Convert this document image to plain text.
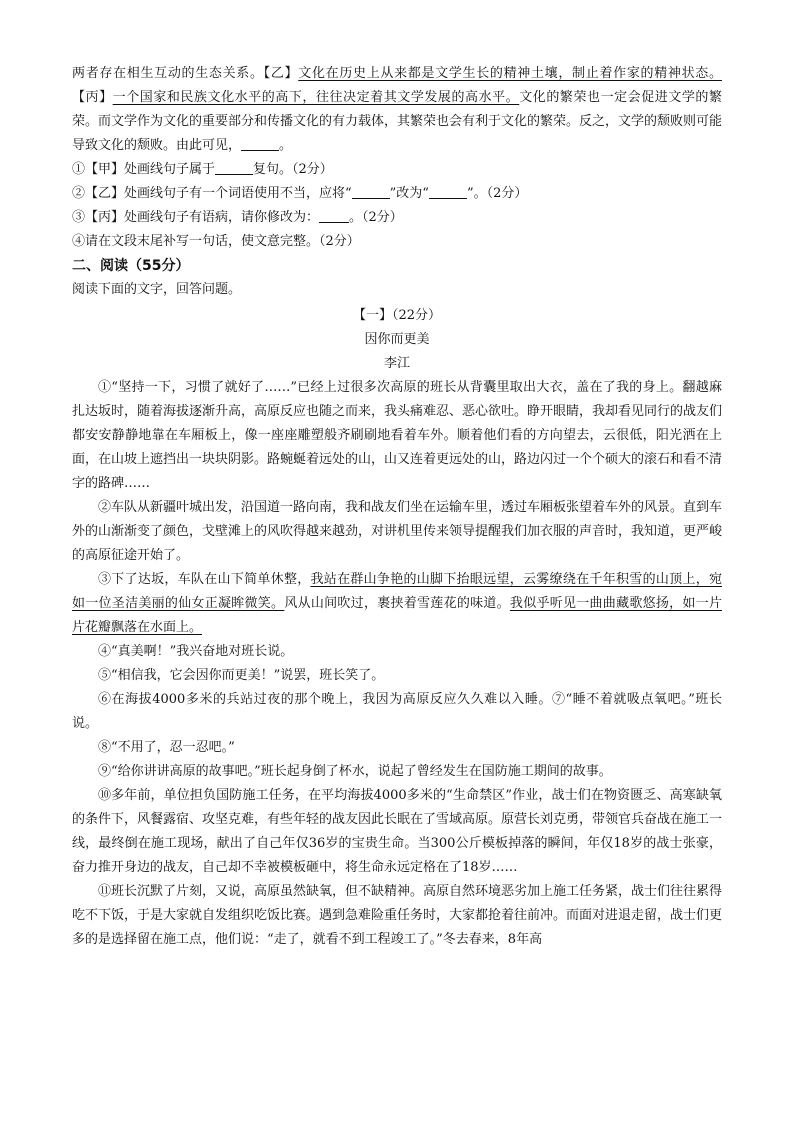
两者存在相生互动的生态关系。【乙】文化在历史上从来都是文学生长的精神土壤，制止着作家的精神状态。【丙】一个国家和民族文化水平的高下，往往决定着其文学发展的高水平。文化的繁荣也一定会促进文学的繁荣。而文学作为文化的重要部分和传播文化的有力载体，其繁荣也会有利于文化的繁荣。反之，文学的颓败则可能导致文化的颓败。由此可见，	。

①【甲】处画线句子属于	复句。（2分）

②【乙】处画线句子有一个词语使用不当，应将“	”改为“	”。（2分）

③【丙】处画线句子有语病，请你修改为： 。（2分）

④请在文段末尾补写一句话，使文意完整。（2分）

二、阅读（55分）

阅读下面的文字，回答问题。

【一】（22分）

因你而更美

李江

①“坚持一下，习惯了就好了……”已经上过很多次高原的班长从背囊里取出大衣，盖在了我的身上。翻越麻扎达坂时，随着海拔逐渐升高，高原反应也随之而来，我头痛难忍、恶心欲吐。睁开眼睛，我却看见同行的战友们都安安静静地靠在车厢板上，像一座座雕塑般齐刷刷地看着车外。顺着他们看的方向望去，云很低，阳光洒在上面，在山坡上遮挡出一块块阴影。路蜿蜒着远处的山，山又连着更远处的山，路边闪过一个个硕大的滚石和看不清字的路碑……

②车队从新疆叶城出发，沿国道一路向南，我和战友们坐在运输车里，透过车厢板张望着车外的风景。直到车外的山渐渐变了颜色，戈壁滩上的风吹得越来越劲，对讲机里传来领导提醒我们加衣服的声音时，我知道，更严峻的高原征途开始了。

③下了达坂，车队在山下简单休整，我站在群山争艳的山脚下抬眼远望，云雾缭绕在千年积雪的山顶上，宛如一位圣洁美丽的仙女正凝眸微笑。风从山间吹过，裹挟着雪莲花的味道。我似乎听见一曲曲藏歌悠扬，如一片片花瓣飘落在水面上。

④“真美啊！”我兴奋地对班长说。

⑤“相信我，它会因你而更美！”说罢，班长笑了。

⑥在海拔4000多米的兵站过夜的那个晚上，我因为高原反应久久难以入睡。⑦“睡不着就吸点氧吧。”班长说。

⑧“不用了，忍一忍吧。”

⑨“给你讲讲高原的故事吧。”班长起身倒了杯水，说起了曾经发生在国防施工期间的故事。

⑩多年前，单位担负国防施工任务，在平均海拔4000多米的“生命禁区”作业，战士们在物资匮乏、高寒缺氧的条件下，风餐露宿、攻坚克难，有些年轻的战友因此长眠在了雪域高原。原营长刘克勇，带领官兵奋战在施工一线，最终倒在施工现场，献出了自己年仅36岁的宝贵生命。当300公斤模板掉落的瞬间，年仅18岁的战士张豪，奋力推开身边的战友，自己却不幸被模板砸中，将生命永远定格在了18岁……

⑪班长沉默了片刻，又说，高原虽然缺氧，但不缺精神。高原自然环境恶劣加上施工任务紧，战士们往往累得吃不下饭，于是大家就自发组织吃饭比赛。遇到急难险重任务时，大家都抢着往前冲。而面对进退走留，战士们更多的是选择留在施工点，他们说：“走了，就看不到工程竣工了。”冬去春来，8年高
